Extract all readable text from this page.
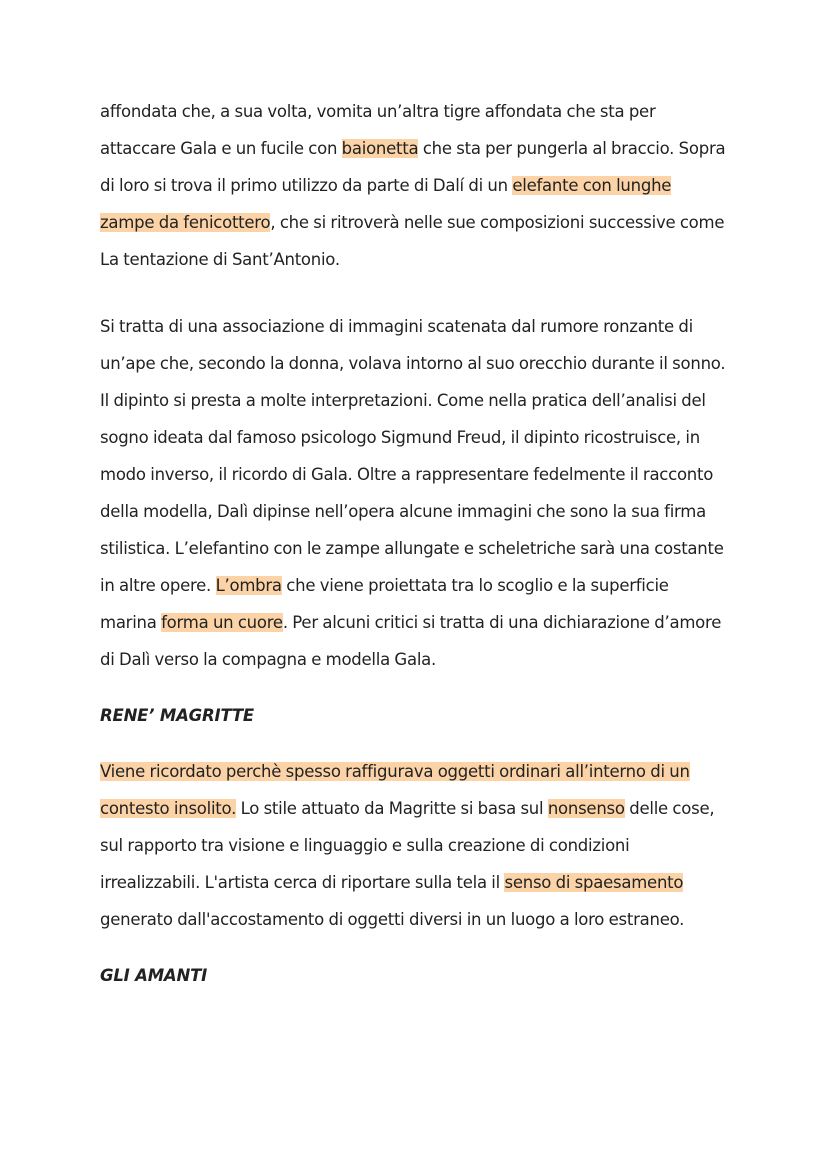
affondata che, a sua volta, vomita un’altra tigre affondata che sta per
attaccare Gala e un fucile con baionetta che sta per pungerla al braccio. Sopra
di loro si trova il primo utilizzo da parte di Dalí di un elefante con lunghe
zampe da fenicottero, che si ritroverà nelle sue composizioni successive come
La tentazione di Sant’Antonio.

Si tratta di una associazione di immagini scatenata dal rumore ronzante di
un’ape che, secondo la donna, volava intorno al suo orecchio durante il sonno.
Il dipinto si presta a molte interpretazioni. Come nella pratica dell’analisi del
sogno ideata dal famoso psicologo Sigmund Freud, il dipinto ricostruisce, in
modo inverso, il ricordo di Gala. Oltre a rappresentare fedelmente il racconto
della modella, Dalì dipinse nell’opera alcune immagini che sono la sua firma
stilistica. L’elefantino con le zampe allungate e scheletriche sarà una costante
in altre opere. L’ombra che viene proiettata tra lo scoglio e la superficie
marina forma un cuore. Per alcuni critici si tratta di una dichiarazione d’amore
di Dalì verso la compagna e modella Gala.

RENE’ MAGRITTE

Viene ricordato perchè spesso raffigurava oggetti ordinari all’interno di un
contesto insolito. Lo stile attuato da Magritte si basa sul nonsenso delle cose,
sul rapporto tra visione e linguaggio e sulla creazione di condizioni
irrealizzabili. L'artista cerca di riportare sulla tela il senso di spaesamento
generato dall'accostamento di oggetti diversi in un luogo a loro estraneo.

GLI AMANTI
